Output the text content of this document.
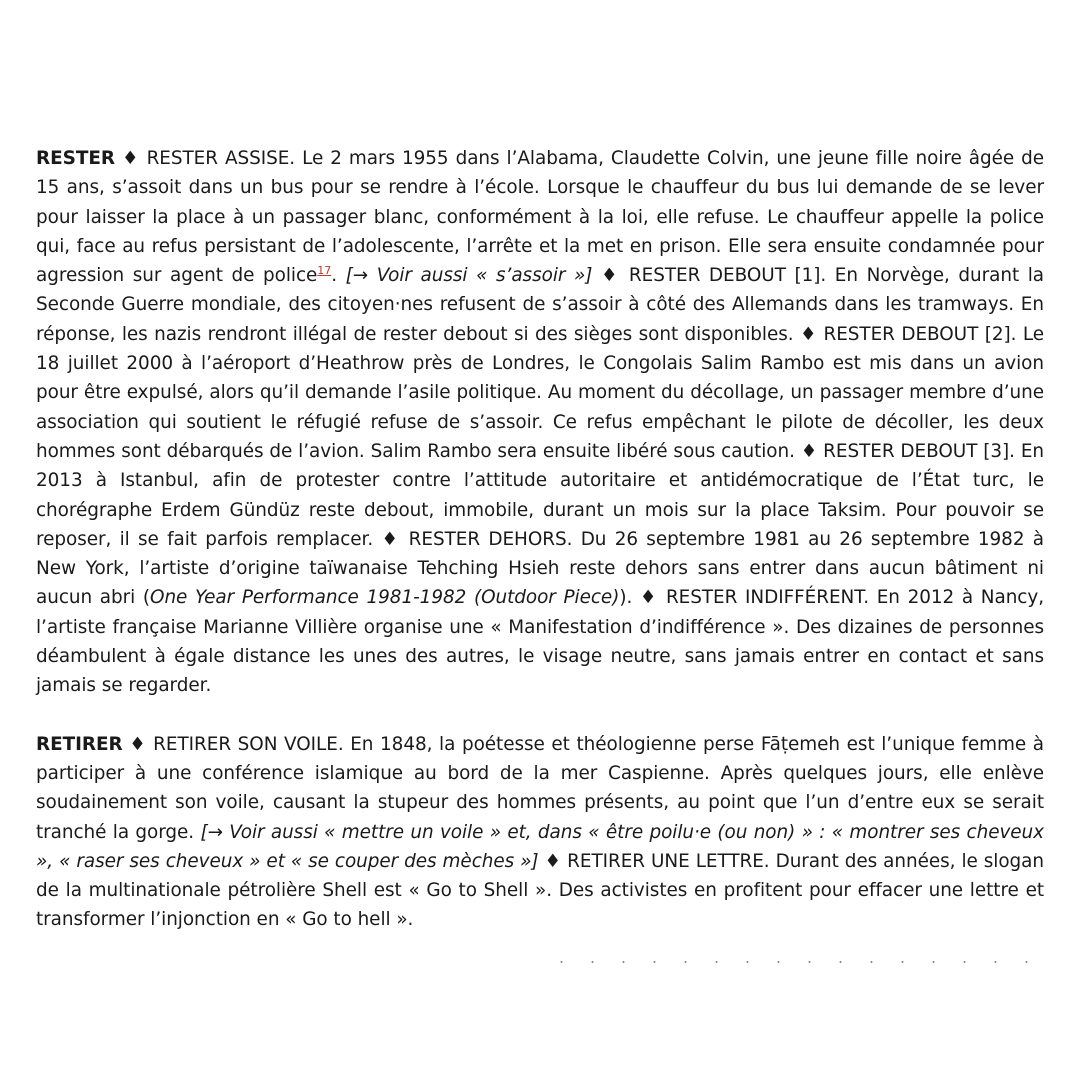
RESTER ♦ RESTER ASSISE. Le 2 mars 1955 dans l’Alabama, Claudette Colvin, une jeune fille noire âgée de 15 ans, s’assoit dans un bus pour se rendre à l’école. Lorsque le chauffeur du bus lui demande de se lever pour laisser la place à un passager blanc, conformément à la loi, elle refuse. Le chauffeur appelle la police qui, face au refus persistant de l’adolescente, l’arrête et la met en prison. Elle sera ensuite condamnée pour agression sur agent de police$^{17}$. [→ Voir aussi « s’assoir »] ♦ RESTER DEBOUT [1]. En Norvège, durant la Seconde Guerre mondiale, des citoyen·nes refusent de s’assoir à côté des Allemands dans les tramways. En réponse, les nazis rendront illégal de rester debout si des sièges sont disponibles. ♦ RESTER DEBOUT [2]. Le 18 juillet 2000 à l’aéroport d’Heathrow près de Londres, le Congolais Salim Rambo est mis dans un avion pour être expulsé, alors qu’il demande l’asile politique. Au moment du décollage, un passager membre d’une association qui soutient le réfugié refuse de s’assoir. Ce refus empêchant le pilote de décoller, les deux hommes sont débarqués de l’avion. Salim Rambo sera ensuite libéré sous caution. ♦ RESTER DEBOUT [3]. En 2013 à Istanbul, afin de protester contre l’attitude autoritaire et antidémocratique de l’État turc, le chorégraphe Erdem Gündüz reste debout, immobile, durant un mois sur la place Taksim. Pour pouvoir se reposer, il se fait parfois remplacer. ♦ RESTER DEHORS. Du 26 septembre 1981 au 26 septembre 1982 à New York, l’artiste d’origine taïwanaise Tehching Hsieh reste dehors sans entrer dans aucun bâtiment ni aucun abri (One Year Performance 1981-1982 (Outdoor Piece)). ♦ RESTER INDIFFÉRENT. En 2012 à Nancy, l’artiste française Marianne Villière organise une « Manifestation d’indifférence ». Des dizaines de personnes déambulent à égale distance les unes des autres, le visage neutre, sans jamais entrer en contact et sans jamais se regarder.

RETIRER ♦ RETIRER SON VOILE. En 1848, la poétesse et théologienne perse Fāṭemeh est l’unique femme à participer à une conférence islamique au bord de la mer Caspienne. Après quelques jours, elle enlève soudainement son voile, causant la stupeur des hommes présents, au point que l’un d’entre eux se serait tranché la gorge. [→ Voir aussi « mettre un voile » et, dans « être poilu·e (ou non) » : « montrer ses cheveux », « raser ses cheveux » et « se couper des mèches »] ♦ RETIRER UNE LETTRE. Durant des années, le slogan de la multinationale pétrolière Shell est « Go to Shell ». Des activistes en profitent pour effacer une lettre et transformer l’injonction en « Go to hell ».
